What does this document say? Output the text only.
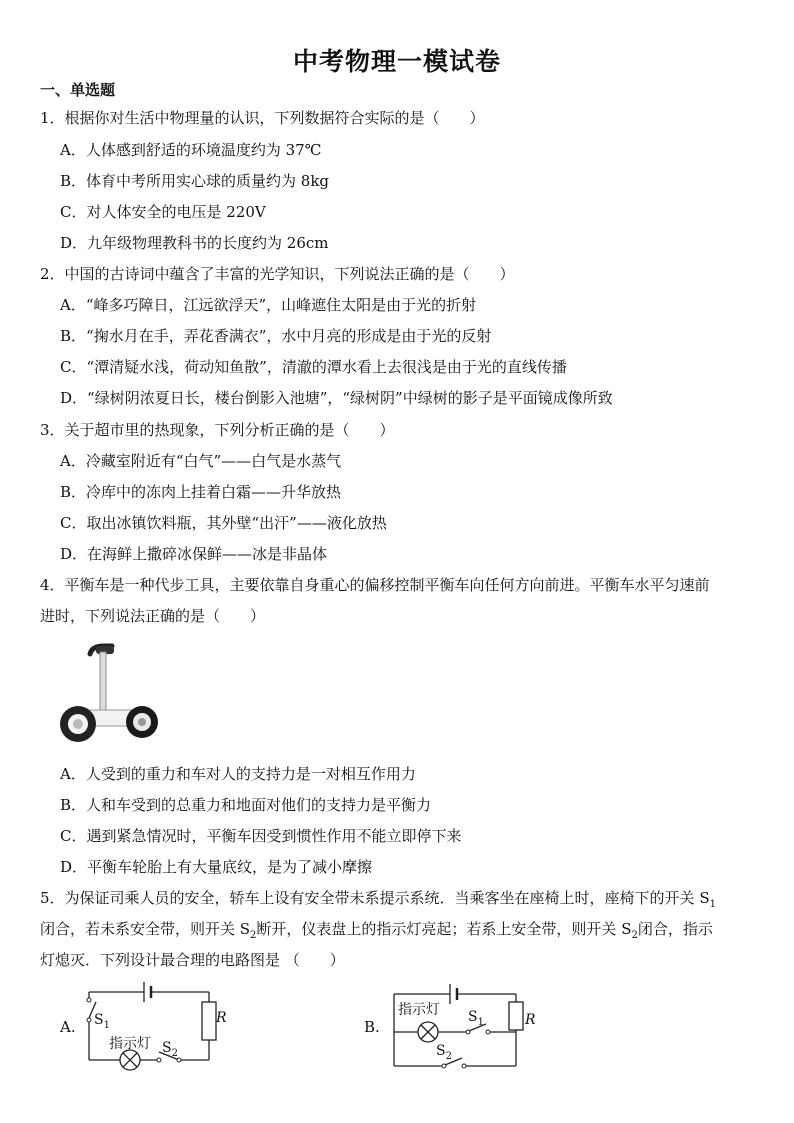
中考物理一模试卷
一、单选题
1．根据你对生活中物理量的认识，下列数据符合实际的是（　　）
A．人体感到舒适的环境温度约为 37℃
B．体育中考所用实心球的质量约为 8kg
C．对人体安全的电压是 220V
D．九年级物理教科书的长度约为 26cm
2．中国的古诗词中蕴含了丰富的光学知识，下列说法正确的是（　　）
A．“峰多巧障日，江远欲浮天”，山峰遮住太阳是由于光的折射
B．“掬水月在手，弄花香满衣”，水中月亮的形成是由于光的反射
C．“潭清疑水浅，荷动知鱼散”，清澈的潭水看上去很浅是由于光的直线传播
D．“绿树阴浓夏日长，楼台倒影入池塘”，“绿树阴”中绿树的影子是平面镜成像所致
3．关于超市里的热现象，下列分析正确的是（　　）
A．冷藏室附近有“白气”——白气是水蒸气
B．冷库中的冻肉上挂着白霜——升华放热
C．取出冰镇饮料瓶，其外壁“出汗”——液化放热
D．在海鲜上撒碎冰保鲜——冰是非晶体
4．平衡车是一种代步工具，主要依靠自身重心的偏移控制平衡车向任何方向前进。平衡车水平匀速前
进时，下列说法正确的是（　　）
A．人受到的重力和车对人的支持力是一对相互作用力
B．人和车受到的总重力和地面对他们的支持力是平衡力
C．遇到紧急情况时，平衡车因受到惯性作用不能立即停下来
D．平衡车轮胎上有大量底纹，是为了减小摩擦
5．为保证司乘人员的安全，轿车上设有安全带未系提示系统．当乘客坐在座椅上时，座椅下的开关 $S_1$
闭合，若未系安全带，则开关 $S_2$断开，仪表盘上的指示灯亮起；若系上安全带，则开关 $S_2$闭合，指示
灯熄灭．下列设计最合理的电路图是 （　　）
A. $S_1$
指示灯 $S_2$
R	B.
指示灯 $S_1$
$S_2$
R
